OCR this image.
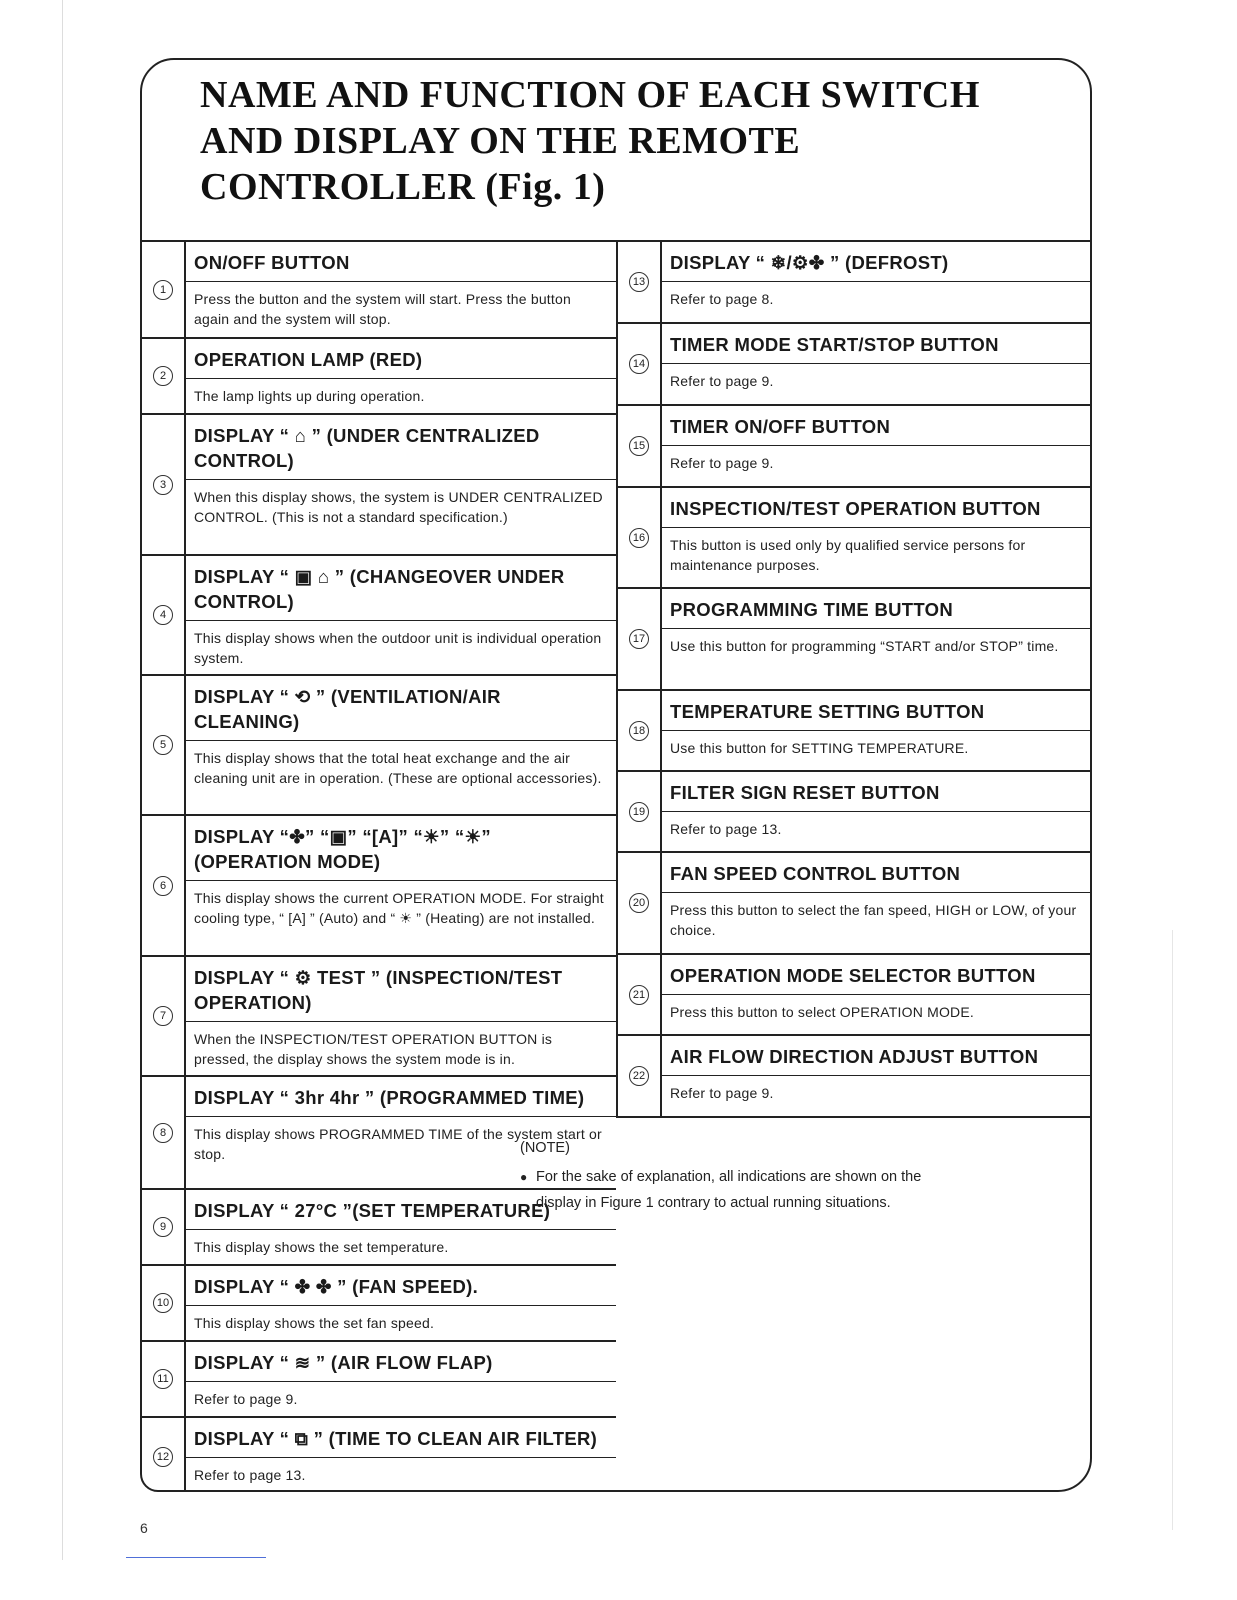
NAME AND FUNCTION OF EACH SWITCH
AND DISPLAY ON THE REMOTE
CONTROLLER (Fig. 1)
1
ON/OFF BUTTON
Press the button and the system will start. Press the button again and the system will stop.
2
OPERATION LAMP (RED)
The lamp lights up during operation.
3
DISPLAY “ ⌂ ” (UNDER CENTRALIZED CONTROL)
When this display shows, the system is UNDER CENTRALIZED CONTROL. (This is not a standard specification.)
4
DISPLAY “ ▣ ⌂ ” (CHANGEOVER UNDER CONTROL)
This display shows when the outdoor unit is individual operation system.
5
DISPLAY “ ⟲ ” (VENTILATION/AIR CLEANING)
This display shows that the total heat exchange and the air cleaning unit are in operation. (These are optional accessories).
6
DISPLAY “✤” “▣” “[A]” “☀” “☀” (OPERATION MODE)
This display shows the current OPERATION MODE. For straight cooling type, “ [A] ” (Auto) and “ ☀ ” (Heating) are not installed.
7
DISPLAY “ ⚙ TEST ” (INSPECTION/TEST OPERATION)
When the INSPECTION/TEST OPERATION BUTTON is pressed, the display shows the system mode is in.
8
DISPLAY “ 3hr 4hr ” (PROGRAMMED TIME)
This display shows PROGRAMMED TIME of the system start or stop.
9
DISPLAY “ 27°C ”(SET TEMPERATURE)
This display shows the set temperature.
10
DISPLAY “ ✤ ✤ ” (FAN SPEED).
This display shows the set fan speed.
11
DISPLAY “ ≋ ” (AIR FLOW FLAP)
Refer to page 9.
12
DISPLAY “ ⧉ ” (TIME TO CLEAN AIR FILTER)
Refer to page 13.
13
DISPLAY “ ❄/⚙✤ ” (DEFROST)
Refer to page 8.
14
TIMER MODE START/STOP BUTTON
Refer to page 9.
15
TIMER ON/OFF BUTTON
Refer to page 9.
16
INSPECTION/TEST OPERATION BUTTON
This button is used only by qualified service persons for maintenance purposes.
17
PROGRAMMING TIME BUTTON
Use this button for programming “START and/or STOP” time.
18
TEMPERATURE SETTING BUTTON
Use this button for SETTING TEMPERATURE.
19
FILTER SIGN RESET BUTTON
Refer to page 13.
20
FAN SPEED CONTROL BUTTON
Press this button to select the fan speed, HIGH or LOW, of your choice.
21
OPERATION MODE SELECTOR BUTTON
Press this button to select OPERATION MODE.
22
AIR FLOW DIRECTION ADJUST BUTTON
Refer to page 9.
(NOTE)
● For the sake of explanation, all indications are shown on the display in Figure 1 contrary to actual running situations.
6
